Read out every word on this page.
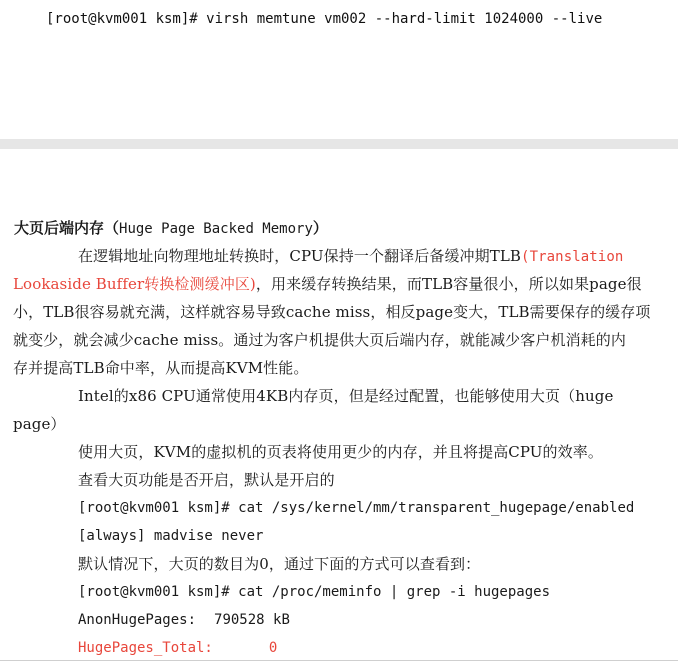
[root@kvm001 ksm]# virsh memtune vm002 --hard-limit 1024000 --live
大页后端内存（Huge Page Backed Memory）
在逻辑地址向物理地址转换时，CPU保持一个翻译后备缓冲期TLB(Translation
Lookaside Buffer转换检测缓冲区)，用来缓存转换结果，而TLB容量很小，所以如果page很
小，TLB很容易就充满，这样就容易导致cache miss，相反page变大，TLB需要保存的缓存项
就变少，就会减少cache miss。通过为客户机提供大页后端内存，就能减少客户机消耗的内
存并提高TLB命中率，从而提高KVM性能。
Intel的x86 CPU通常使用4KB内存页，但是经过配置，也能够使用大页（huge
page）
使用大页，KVM的虚拟机的页表将使用更少的内存，并且将提高CPU的效率。
查看大页功能是否开启，默认是开启的
[root@kvm001 ksm]# cat /sys/kernel/mm/transparent_hugepage/enabled
[always] madvise never
默认情况下，大页的数目为0，通过下面的方式可以查看到：
[root@kvm001 ksm]# cat /proc/meminfo | grep -i hugepages
AnonHugePages: 790528 kB
HugePages_Total:	0
